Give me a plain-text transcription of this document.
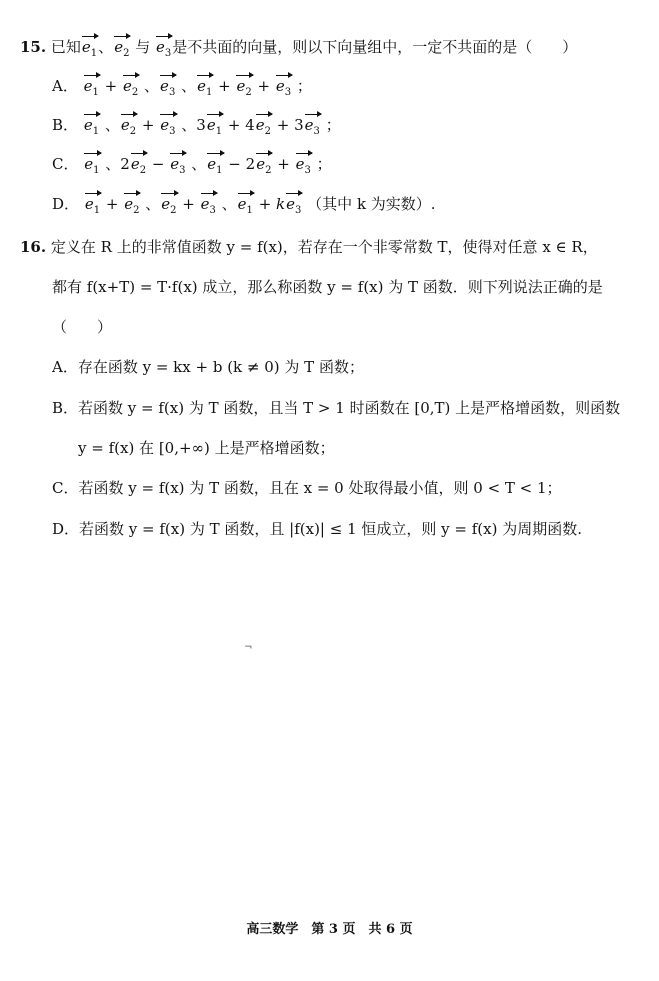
15. 已知$e_1$、$e_2$ 与 $e_3$是不共面的向量，则以下向量组中，一定不共面的是（　　）
A． $e_1 + e_2$ 、$e_3$ 、$e_1 + e_2 + e_3$ ；
B． $e_1$ 、$e_2 + e_3$ 、$3e_1 + 4e_2 + 3e_3$ ；
C． $e_1$ 、$2e_2 - e_3$ 、$e_1 - 2e_2 + e_3$ ；
D． $e_1 + e_2$ 、$e_2 + e_3$ 、$e_1 + ke_3$ （其中 k 为实数）.
16. 定义在 R 上的非常值函数 y = f(x)，若存在一个非零常数 T，使得对任意 x ∈ R，
都有 f(x+T) = T·f(x) 成立，那么称函数 y = f(x) 为 T 函数．则下列说法正确的是
（　　）
A．存在函数 y = kx + b (k ≠ 0) 为 T 函数；
B．若函数 y = f(x) 为 T 函数，且当 T > 1 时函数在 [0,T) 上是严格增函数，则函数
y = f(x) 在 [0,+∞) 上是严格增函数；
C．若函数 y = f(x) 为 T 函数，且在 x = 0 处取得最小值，则 0 < T < 1；
D．若函数 y = f(x) 为 T 函数，且 |f(x)| ≤ 1 恒成立，则 y = f(x) 为周期函数.
¬
高三数学　第 3 页　共 6 页
